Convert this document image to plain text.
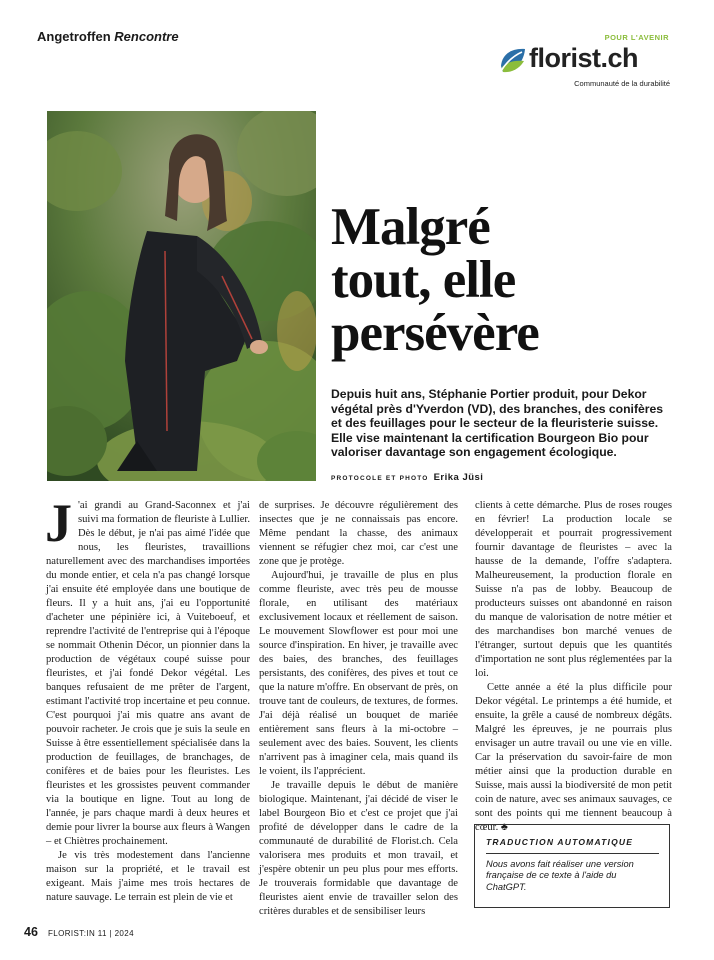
Angetroffen Rencontre	POUR L'AVENIR
florist.ch
Communauté de la durabilité
Malgré
tout, elle
persévère
Depuis huit ans, Stéphanie Portier produit, pour Dekor végétal près d'Yverdon (VD), des branches, des conifères et des feuillages pour le secteur de la fleuristerie suisse. Elle vise maintenant la certification Bourgeon Bio pour valoriser davantage son engagement écologique.
PROTOCOLE ET PHOTO Erika Jüsi

J 'ai grandi au Grand-Saconnex et j'ai suivi ma formation de fleuriste à Lullier. Dès le début, je n'ai pas aimé l'idée que nous, les fleuristes, travaillions naturellement avec des marchandises importées du monde entier, et cela n'a pas changé lorsque j'ai ensuite été employée dans une boutique de fleurs. Il y a huit ans, j'ai eu l'opportunité d'acheter une pépinière ici, à Vuiteboeuf, et reprendre l'activité de l'entreprise qui à l'époque se nommait Othenin Décor, un pionnier dans la production de végétaux coupé suisse pour fleuristes, et j'ai fondé Dekor végétal. Les banques refusaient de me prêter de l'argent, estimant l'activité trop incertaine et peu connue. C'est pourquoi j'ai mis quatre ans avant de pouvoir racheter. Je crois que je suis la seule en Suisse à être essentiellement spécialisée dans la production de feuillages, de branchages, de conifères et de baies pour les fleuristes. Les fleuristes et les grossistes peuvent commander via la boutique en ligne. Tout au long de l'année, je pars chaque mardi à deux heures et demie pour livrer la bourse aux fleurs à Wangen – et Chiètres prochainement.

Je vis très modestement dans l'ancienne maison sur la propriété, et le travail est exigeant. Mais j'aime mes trois hectares de nature sauvage. Le terrain est plein de vie et

de surprises. Je découvre régulièrement des insectes que je ne connaissais pas encore. Même pendant la chasse, des animaux viennent se réfugier chez moi, car c'est une zone que je protège.

Aujourd'hui, je travaille de plus en plus comme fleuriste, avec très peu de mousse florale, en utilisant des matériaux exclusivement locaux et réellement de saison. Le mouvement Slowflower est pour moi une source d'inspiration. En hiver, je travaille avec des baies, des branches, des feuillages persistants, des conifères, des pives et tout ce que la nature m'offre. En observant de près, on trouve tant de couleurs, de textures, de formes. J'ai déjà réalisé un bouquet de mariée entièrement sans fleurs à la mi-octobre – seulement avec des baies. Souvent, les clients n'arrivent pas à imaginer cela, mais quand ils le voient, ils l'apprécient.

Je travaille depuis le début de manière biologique. Maintenant, j'ai décidé de viser le label Bourgeon Bio et c'est ce projet que j'ai profité de développer dans le cadre de la communauté de durabilité de Florist.ch. Cela valorisera mes produits et mon travail, et j'espère obtenir un peu plus pour mes efforts. Je trouverais formidable que davantage de fleuristes aient envie de travailler selon des critères durables et de sensibiliser leurs

clients à cette démarche. Plus de roses rouges en février! La production locale se développerait et pourrait progressivement fournir davantage de fleuristes – avec la hausse de la demande, l'offre s'adaptera. Malheureusement, la production florale en Suisse n'a pas de lobby. Beaucoup de producteurs suisses ont abandonné en raison du manque de valorisation de notre métier et des marchandises bon marché venues de l'étranger, surtout depuis que les quantités d'importation ne sont plus réglementées par la loi.

Cette année a été la plus difficile pour Dekor végétal. Le printemps a été humide, et ensuite, la grêle a causé de nombreux dégâts. Malgré les épreuves, je ne pourrais plus envisager un autre travail ou une vie en ville. Car la préservation du savoir-faire de mon métier ainsi que la production durable en Suisse, mais aussi la biodiversité de mon petit coin de nature, avec ses animaux sauvages, ce sont des points qui me tiennent beaucoup à cœur. ♣

TRADUCTION AUTOMATIQUE
Nous avons fait réaliser une version française de ce texte à l'aide du ChatGPT.
46 FLORIST:IN 11 | 2024
